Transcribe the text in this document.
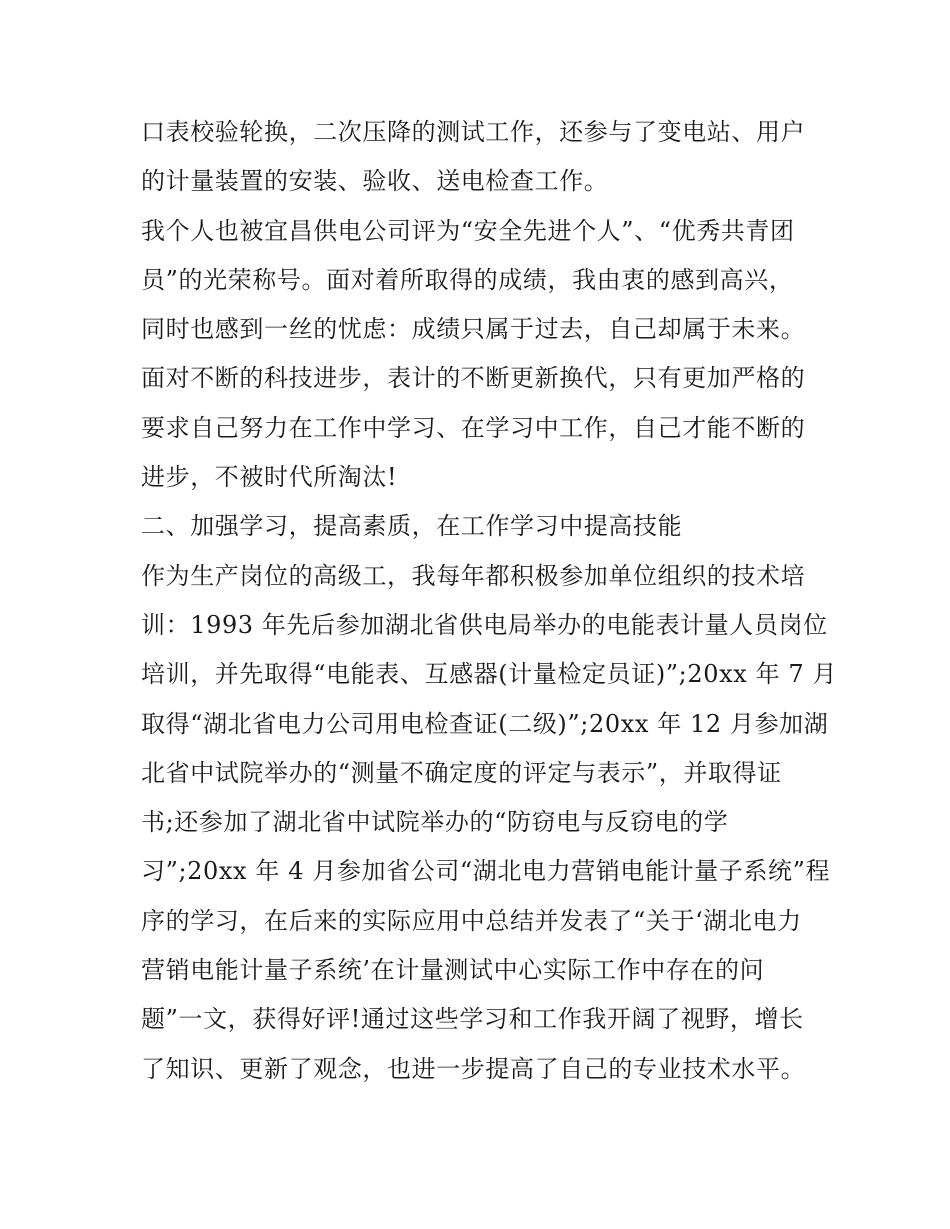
口表校验轮换，二次压降的测试工作，还参与了变电站、用户
的计量装置的安装、验收、送电检查工作。
我个人也被宜昌供电公司评为“安全先进个人”、“优秀共青团
员”的光荣称号。面对着所取得的成绩，我由衷的感到高兴，
同时也感到一丝的忧虑：成绩只属于过去，自己却属于未来。
面对不断的科技进步，表计的不断更新换代，只有更加严格的
要求自己努力在工作中学习、在学习中工作，自己才能不断的
进步，不被时代所淘汰!
二、加强学习，提高素质，在工作学习中提高技能
作为生产岗位的高级工，我每年都积极参加单位组织的技术培
训：1993 年先后参加湖北省供电局举办的电能表计量人员岗位
培训，并先取得“电能表、互感器(计量检定员证)”;20xx 年 7 月
取得“湖北省电力公司用电检查证(二级)”;20xx 年 12 月参加湖
北省中试院举办的“测量不确定度的评定与表示”，并取得证
书;还参加了湖北省中试院举办的“防窃电与反窃电的学
习”;20xx 年 4 月参加省公司“湖北电力营销电能计量子系统”程
序的学习，在后来的实际应用中总结并发表了“关于‘湖北电力
营销电能计量子系统’在计量测试中心实际工作中存在的问
题”一文，获得好评!通过这些学习和工作我开阔了视野，增长
了知识、更新了观念，也进一步提高了自己的专业技术水平。
